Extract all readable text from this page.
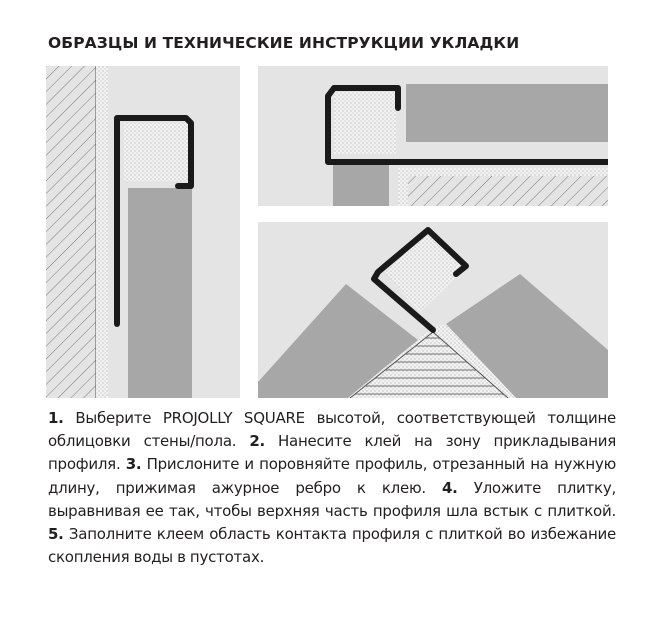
ОБРАЗЦЫ И ТЕХНИЧЕСКИЕ ИНСТРУКЦИИ УКЛАДКИ

1. Выберите PROJOLLY SQUARE высотой, соответствующей толщине облицовки стены/пола. 2. Нанесите клей на зону прикладывания профиля. 3. Прислоните и поровняйте профиль, отрезанный на нужную длину, прижимая ажурное ребро к клею. 4. Уложите плитку, выравнивая ее так, чтобы верхняя часть профиля шла встык с плиткой. 5. Заполните клеем область контакта профиля с плиткой во избежание скопления воды в пустотах.
